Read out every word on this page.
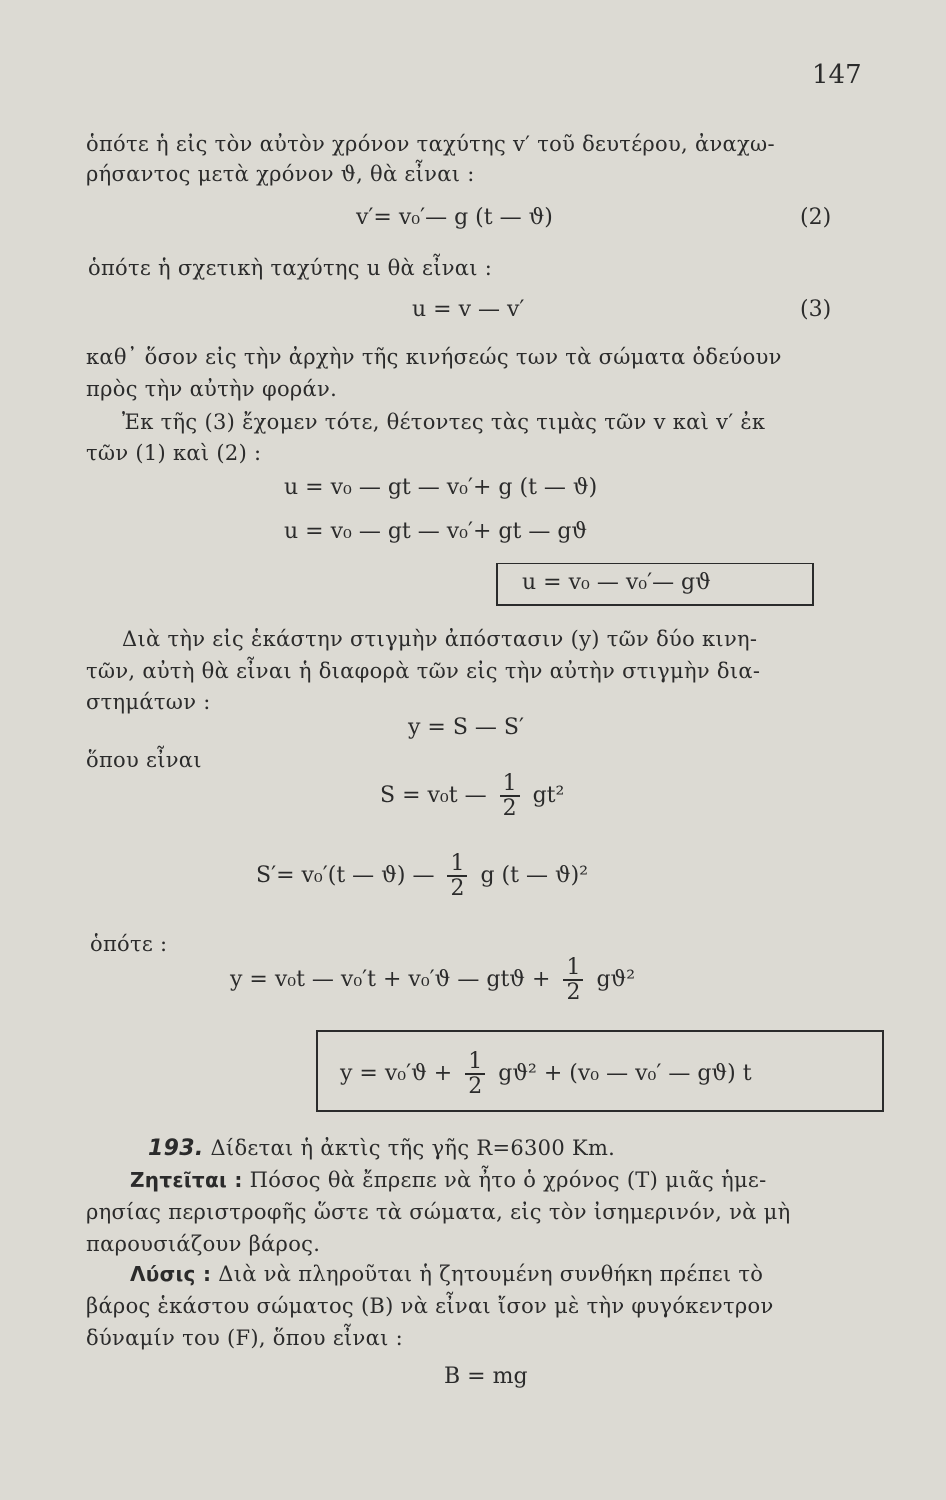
147
ὁπότε ἡ εἰς τὸν αὐτὸν χρόνον ταχύτης v′ τοῦ δευτέρου, ἀναχω-
ρήσαντος μετὰ χρόνον ϑ, θὰ εἶναι :
v′= v₀′— g (t — ϑ)	(2)
ὁπότε ἡ σχετικὴ ταχύτης u θὰ εἶναι :
u = v — v′	(3)
καθ᾽ ὅσον εἰς τὴν ἀρχὴν τῆς κινήσεώς των τὰ σώματα ὁδεύουν
πρὸς τὴν αὐτὴν φοράν.
Ἐκ τῆς (3) ἔχομεν τότε, θέτοντες τὰς τιμὰς τῶν v καὶ v′ ἐκ
τῶν (1) καὶ (2) :
u = v₀ — gt — v₀′+ g (t — ϑ)
u = v₀ — gt — v₀′+ gt — gϑ
u = v₀ — v₀′— gϑ
Διὰ τὴν εἰς ἑκάστην στιγμὴν ἀπόστασιν (y) τῶν δύο κινη-
τῶν, αὐτὴ θὰ εἶναι ἡ διαφορὰ τῶν εἰς τὴν αὐτὴν στιγμὴν δια-
στημάτων :
y = S — S′
ὅπου εἶναι
S = v₀t — $\frac{1}{2} gt^2$
S′= v₀′(t — ϑ) — $\frac{1}{2}$ g (t — ϑ)²
ὁπότε :
y = v₀t — v₀′t + v₀′ϑ — $gtϑ + \frac{1}{2} gϑ^2$
$y = v_0'ϑ + \frac{1}{2} gϑ^2 + (v_0$ — v₀′ — gϑ) t
193. Δίδεται ἡ ἀκτὶς τῆς γῆς R=6300 Km.
Ζητεῖται : Πόσος θὰ ἔπρεπε νὰ ἦτο ὁ χρόνος (T) μιᾶς ἡμε-
ρησίας περιστροφῆς ὥστε τὰ σώματα, εἰς τὸν ἰσημερινόν, νὰ μὴ
παρουσιάζουν βάρος.
Λύσις : Διὰ νὰ πληροῦται ἡ ζητουμένη συνθήκη πρέπει τὸ
βάρος ἑκάστου σώματος (B) νὰ εἶναι ἴσον μὲ τὴν φυγόκεντρον
δύναμίν του (F), ὅπου εἶναι :
B = mg
